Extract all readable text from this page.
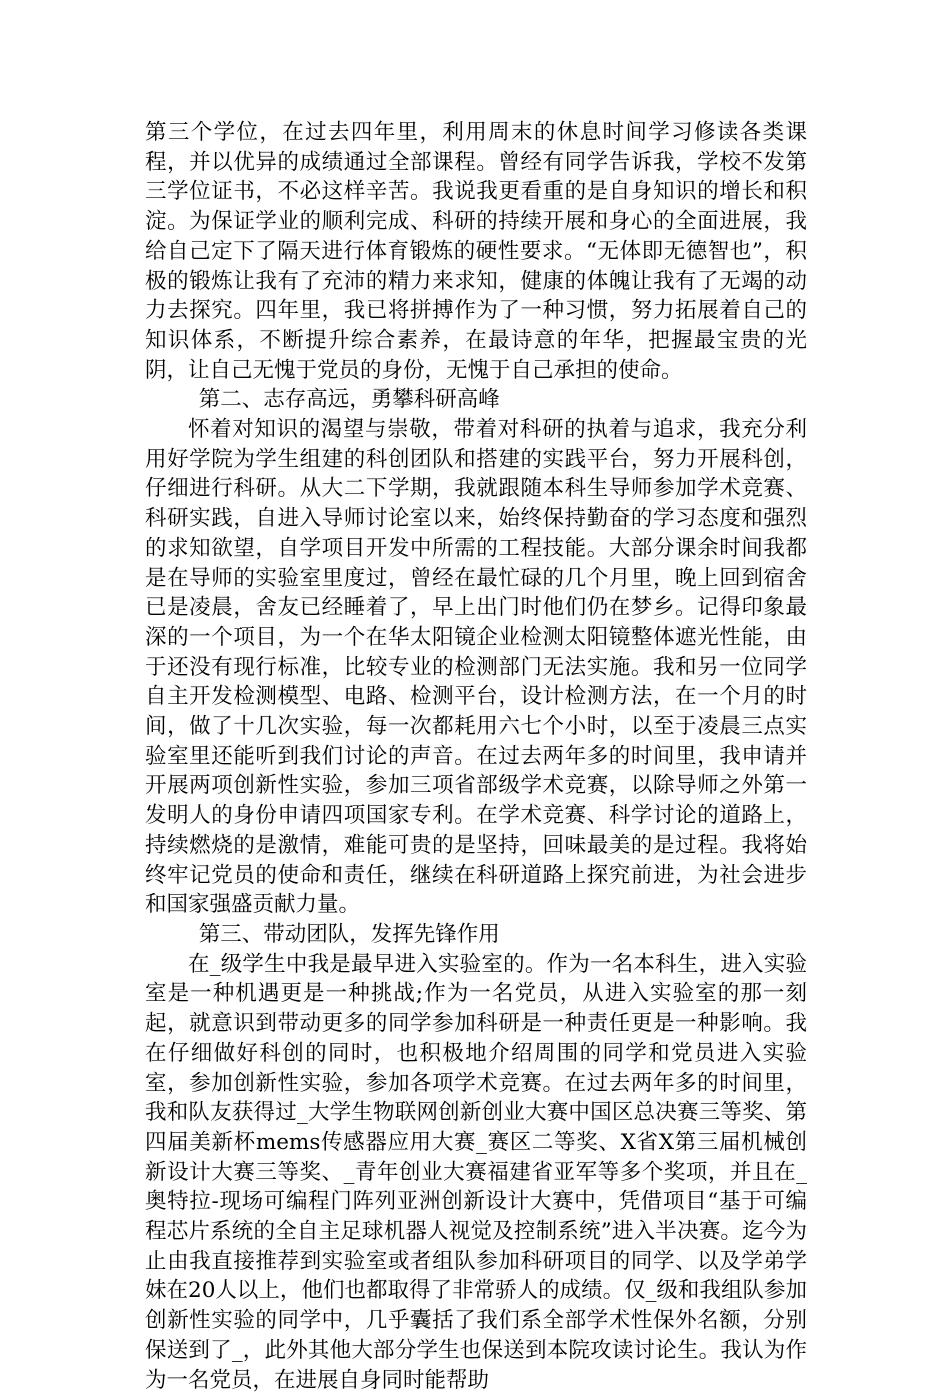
第三个学位，在过去四年里，利用周末的休息时间学习修读各类课程，并以优异的成绩通过全部课程。曾经有同学告诉我，学校不发第三学位证书，不必这样辛苦。我说我更看重的是自身知识的增长和积淀。为保证学业的顺利完成、科研的持续开展和身心的全面进展，我给自己定下了隔天进行体育锻炼的硬性要求。“无体即无德智也”，积极的锻炼让我有了充沛的精力来求知，健康的体魄让我有了无竭的动力去探究。四年里，我已将拼搏作为了一种习惯，努力拓展着自己的知识体系，不断提升综合素养，在最诗意的年华，把握最宝贵的光阴，让自己无愧于党员的身份，无愧于自己承担的使命。

第二、志存高远，勇攀科研高峰

怀着对知识的渴望与崇敬，带着对科研的执着与追求，我充分利用好学院为学生组建的科创团队和搭建的实践平台，努力开展科创，仔细进行科研。从大二下学期，我就跟随本科生导师参加学术竞赛、科研实践，自进入导师讨论室以来，始终保持勤奋的学习态度和强烈的求知欲望，自学项目开发中所需的工程技能。大部分课余时间我都是在导师的实验室里度过，曾经在最忙碌的几个月里，晚上回到宿舍已是凌晨，舍友已经睡着了，早上出门时他们仍在梦乡。记得印象最深的一个项目，为一个在华太阳镜企业检测太阳镜整体遮光性能，由于还没有现行标准，比较专业的检测部门无法实施。我和另一位同学自主开发检测模型、电路、检测平台，设计检测方法，在一个月的时间，做了十几次实验，每一次都耗用六七个小时，以至于凌晨三点实验室里还能听到我们讨论的声音。在过去两年多的时间里，我申请并开展两项创新性实验，参加三项省部级学术竞赛，以除导师之外第一发明人的身份申请四项国家专利。在学术竞赛、科学讨论的道路上，持续燃烧的是激情，难能可贵的是坚持，回味最美的是过程。我将始终牢记党员的使命和责任，继续在科研道路上探究前进，为社会进步和国家强盛贡献力量。

第三、带动团队，发挥先锋作用

在_级学生中我是最早进入实验室的。作为一名本科生，进入实验室是一种机遇更是一种挑战;作为一名党员，从进入实验室的那一刻起，就意识到带动更多的同学参加科研是一种责任更是一种影响。我在仔细做好科创的同时，也积极地介绍周围的同学和党员进入实验室，参加创新性实验，参加各项学术竞赛。在过去两年多的时间里，我和队友获得过_大学生物联网创新创业大赛中国区总决赛三等奖、第四届美新杯mems传感器应用大赛_赛区二等奖、X省X第三届机械创新设计大赛三等奖、_青年创业大赛福建省亚军等多个奖项，并且在_奥特拉-现场可编程门阵列亚洲创新设计大赛中，凭借项目“基于可编程芯片系统的全自主足球机器人视觉及控制系统”进入半决赛。迄今为止由我直接推荐到实验室或者组队参加科研项目的同学、以及学弟学妹在20人以上，他们也都取得了非常骄人的成绩。仅_级和我组队参加创新性实验的同学中，几乎囊括了我们系全部学术性保外名额，分别保送到了_，此外其他大部分学生也保送到本院攻读讨论生。我认为作为一名党员，在进展自身同时能帮助
